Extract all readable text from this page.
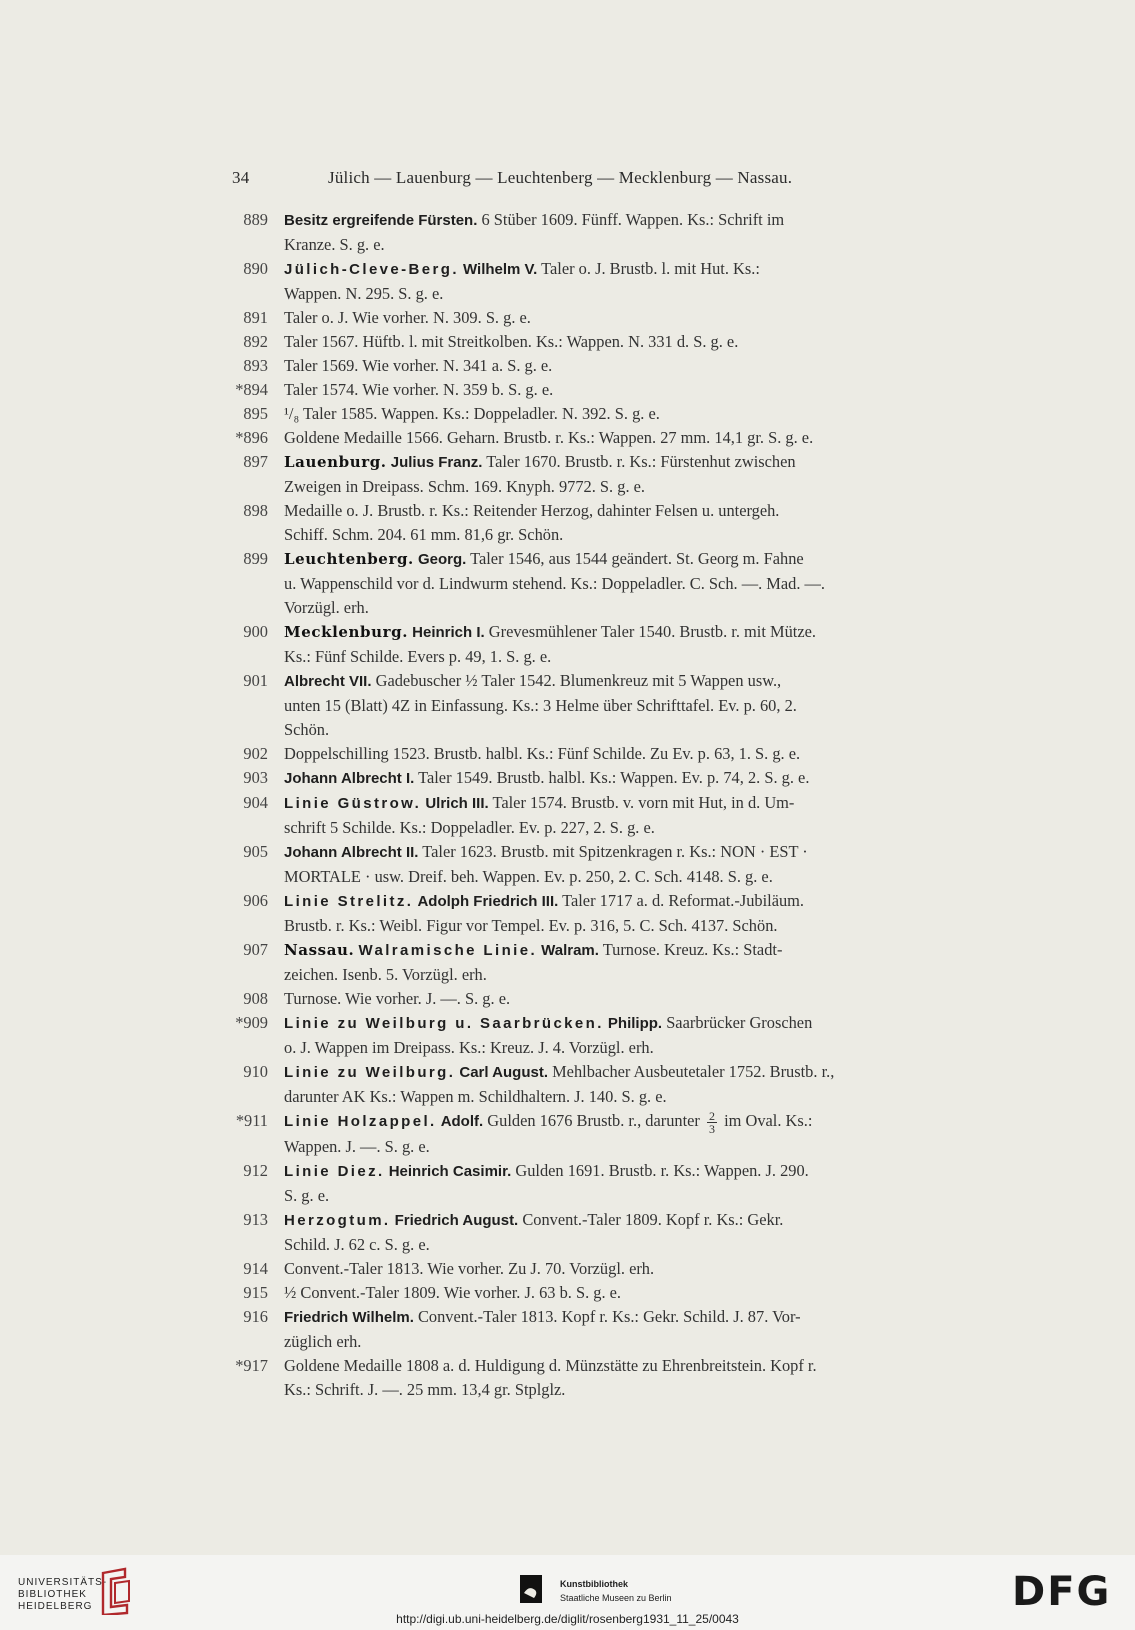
34	Jülich — Lauenburg — Leuchtenberg — Mecklenburg — Nassau.
889 Besitz ergreifende Fürsten. 6 Stüber 1609. Fünff. Wappen. Ks.: Schrift im
Kranze. S. g. e.
890 Jülich-Cleve-Berg. Wilhelm V. Taler o. J. Brustb. l. mit Hut. Ks.:
Wappen. N. 295. S. g. e.
891 Taler o. J. Wie vorher. N. 309. S. g. e.
892 Taler 1567. Hüftb. l. mit Streitkolben. Ks.: Wappen. N. 331 d. S. g. e.
893 Taler 1569. Wie vorher. N. 341 a. S. g. e.
*894 Taler 1574. Wie vorher. N. 359 b. S. g. e.
895 ¹/₈ Taler 1585. Wappen. Ks.: Doppeladler. N. 392. S. g. e.
*896 Goldene Medaille 1566. Geharn. Brustb. r. Ks.: Wappen. 27 mm. 14,1 gr. S. g. e.
897 Lauenburg. Julius Franz. Taler 1670. Brustb. r. Ks.: Fürstenhut zwischen
Zweigen in Dreipass. Schm. 169. Knyph. 9772. S. g. e.
898 Medaille o. J. Brustb. r. Ks.: Reitender Herzog, dahinter Felsen u. untergeh.
Schiff. Schm. 204. 61 mm. 81,6 gr. Schön.
899 Leuchtenberg. Georg. Taler 1546, aus 1544 geändert. St. Georg m. Fahne
u. Wappenschild vor d. Lindwurm stehend. Ks.: Doppeladler. C. Sch. —. Mad. —.
Vorzügl. erh.
900 Mecklenburg. Heinrich I. Grevesmühlener Taler 1540. Brustb. r. mit Mütze.
Ks.: Fünf Schilde. Evers p. 49, 1. S. g. e.
901 Albrecht VII. Gadebuscher ½ Taler 1542. Blumenkreuz mit 5 Wappen usw.,
unten 15 (Blatt) 4Z in Einfassung. Ks.: 3 Helme über Schrifttafel. Ev. p. 60, 2.
Schön.
902 Doppelschilling 1523. Brustb. halbl. Ks.: Fünf Schilde. Zu Ev. p. 63, 1. S. g. e.
903 Johann Albrecht I. Taler 1549. Brustb. halbl. Ks.: Wappen. Ev. p. 74, 2. S. g. e.
904 Linie Güstrow. Ulrich III. Taler 1574. Brustb. v. vorn mit Hut, in d. Um-
schrift 5 Schilde. Ks.: Doppeladler. Ev. p. 227, 2. S. g. e.
905 Johann Albrecht II. Taler 1623. Brustb. mit Spitzenkragen r. Ks.: NON · EST ·
MORTALE · usw. Dreif. beh. Wappen. Ev. p. 250, 2. C. Sch. 4148. S. g. e.
906 Linie Strelitz. Adolph Friedrich III. Taler 1717 a. d. Reformat.-Jubiläum.
Brustb. r. Ks.: Weibl. Figur vor Tempel. Ev. p. 316, 5. C. Sch. 4137. Schön.
907 Nassau. Walramische Linie. Walram. Turnose. Kreuz. Ks.: Stadt-
zeichen. Isenb. 5. Vorzügl. erh.
908 Turnose. Wie vorher. J. —. S. g. e.
*909 Linie zu Weilburg u. Saarbrücken. Philipp. Saarbrücker Groschen
o. J. Wappen im Dreipass. Ks.: Kreuz. J. 4. Vorzügl. erh.
910 Linie zu Weilburg. Carl August. Mehlbacher Ausbeutetaler 1752. Brustb. r.,
darunter AK Ks.: Wappen m. Schildhaltern. J. 140. S. g. e.
*911 Linie Holzappel. Adolf. Gulden 1676 Brustb. r., darunter $\frac{2}{3}$ im Oval. Ks.:
Wappen. J. —. S. g. e.
912 Linie Diez. Heinrich Casimir. Gulden 1691. Brustb. r. Ks.: Wappen. J. 290.
S. g. e.
913 Herzogtum. Friedrich August. Convent.-Taler 1809. Kopf r. Ks.: Gekr.
Schild. J. 62 c. S. g. e.
914 Convent.-Taler 1813. Wie vorher. Zu J. 70. Vorzügl. erh.
915 ½ Convent.-Taler 1809. Wie vorher. J. 63 b. S. g. e.
916 Friedrich Wilhelm. Convent.-Taler 1813. Kopf r. Ks.: Gekr. Schild. J. 87. Vor-
züglich erh.
*917 Goldene Medaille 1808 a. d. Huldigung d. Münzstätte zu Ehrenbreitstein. Kopf r.
Ks.: Schrift. J. —. 25 mm. 13,4 gr. Stplglz.
UNIVERSITÄTS-
BIBLIOTHEK
HEIDELBERG
Kunstbibliothek
Staatliche Museen zu Berlin	DFG
http://digi.ub.uni-heidelberg.de/diglit/rosenberg1931_11_25/0043
